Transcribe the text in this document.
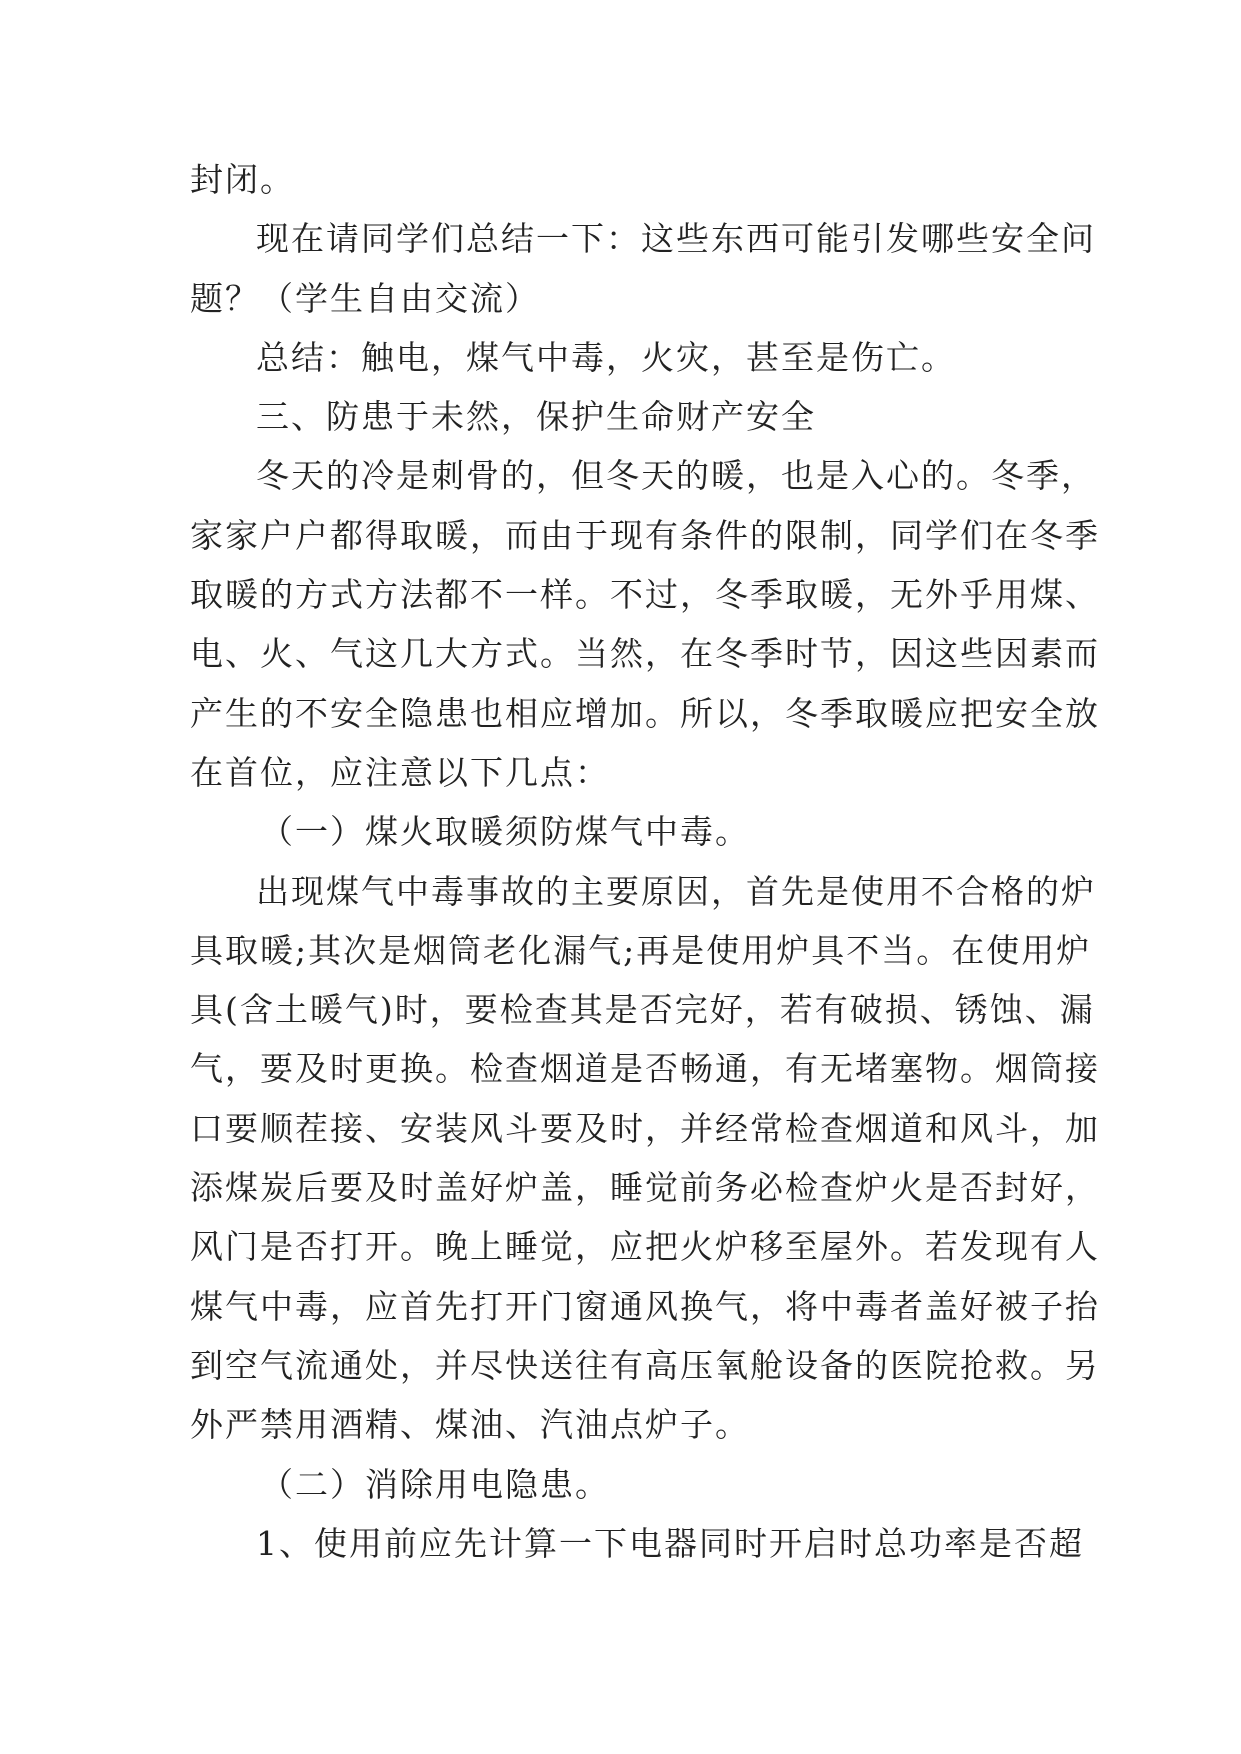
封闭。
现在请同学们总结一下：这些东西可能引发哪些安全问
题？（学生自由交流）
总结：触电，煤气中毒，火灾，甚至是伤亡。
三、防患于未然，保护生命财产安全
冬天的冷是刺骨的，但冬天的暖，也是入心的。冬季，
家家户户都得取暖，而由于现有条件的限制，同学们在冬季
取暖的方式方法都不一样。不过，冬季取暖，无外乎用煤、
电、火、气这几大方式。当然，在冬季时节，因这些因素而
产生的不安全隐患也相应增加。所以，冬季取暖应把安全放
在首位，应注意以下几点：
（一）煤火取暖须防煤气中毒。
出现煤气中毒事故的主要原因，首先是使用不合格的炉
具取暖;其次是烟筒老化漏气;再是使用炉具不当。在使用炉
具(含土暖气)时，要检查其是否完好，若有破损、锈蚀、漏
气，要及时更换。检查烟道是否畅通，有无堵塞物。烟筒接
口要顺茬接、安装风斗要及时，并经常检查烟道和风斗，加
添煤炭后要及时盖好炉盖，睡觉前务必检查炉火是否封好，
风门是否打开。晚上睡觉，应把火炉移至屋外。若发现有人
煤气中毒，应首先打开门窗通风换气，将中毒者盖好被子抬
到空气流通处，并尽快送往有高压氧舱设备的医院抢救。另
外严禁用酒精、煤油、汽油点炉子。
（二）消除用电隐患。
1、使用前应先计算一下电器同时开启时总功率是否超
